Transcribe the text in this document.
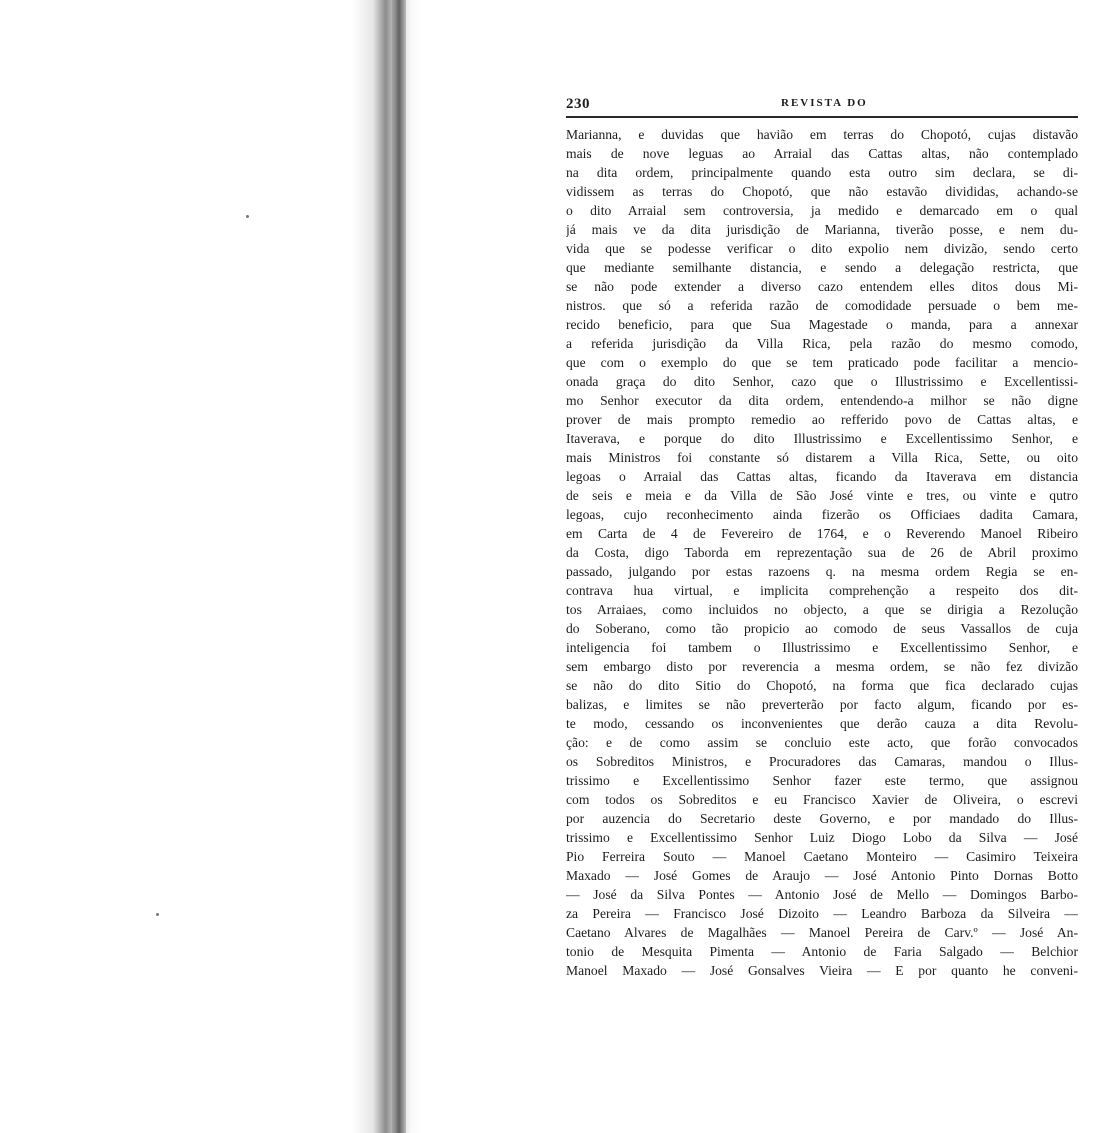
230	REVISTA DO
Marianna, e duvidas que havião em terras do Chopotó, cujas distavão
mais de nove leguas ao Arraial das Cattas altas, não contemplado
na dita ordem, principalmente quando esta outro sim declara, se di-
vidissem as terras do Chopotó, que não estavão divididas, achando-se
o dito Arraial sem controversia, ja medido e demarcado em o qual
já mais ve da dita jurisdição de Marianna, tiverão posse, e nem du-
vida que se podesse verificar o dito expolio nem divizão, sendo certo
que mediante semilhante distancia, e sendo a delegação restricta, que
se não pode extender a diverso cazo entendem elles ditos dous Mi-
nistros. que só a referida razão de comodidade persuade o bem me-
recido beneficio, para que Sua Magestade o manda, para a annexar
a referida jurisdição da Villa Rica, pela razão do mesmo comodo,
que com o exemplo do que se tem praticado pode facilitar a mencio-
onada graça do dito Senhor, cazo que o Illustrissimo e Excellentissi-
mo Senhor executor da dita ordem, entendendo-a milhor se não digne
prover de mais prompto remedio ao refferido povo de Cattas altas, e
Itaverava, e porque do dito Illustrissimo e Excellentissimo Senhor, e
mais Ministros foi constante só distarem a Villa Rica, Sette, ou oito
legoas o Arraial das Cattas altas, ficando da Itaverava em distancia
de seis e meia e da Villa de São José vinte e tres, ou vinte e qutro
legoas, cujo reconhecimento ainda fizerão os Officiaes dadita Camara,
em Carta de 4 de Fevereiro de 1764, e o Reverendo Manoel Ribeiro
da Costa, digo Taborda em reprezentação sua de 26 de Abril proximo
passado, julgando por estas razoens q. na mesma ordem Regia se en-
contrava hua virtual, e implicita comprehenção a respeito dos dit-
tos Arraiaes, como incluidos no objecto, a que se dirigia a Rezolução
do Soberano, como tão propicio ao comodo de seus Vassallos de cuja
inteligencia foi tambem o Illustrissimo e Excellentissimo Senhor, e
sem embargo disto por reverencia a mesma ordem, se não fez divizão
se não do dito Sitio do Chopotó, na forma que fica declarado cujas
balizas, e limites se não preverterão por facto algum, ficando por es-
te modo, cessando os inconvenientes que derão cauza a dita Revolu-
ção: e de como assim se concluio este acto, que forão convocados
os Sobreditos Ministros, e Procuradores das Camaras, mandou o Illus-
trissimo e Excellentissimo Senhor fazer este termo, que assignou
com todos os Sobreditos e eu Francisco Xavier de Oliveira, o escrevi
por auzencia do Secretario deste Governo, e por mandado do Illus-
trissimo e Excellentissimo Senhor Luiz Diogo Lobo da Silva — José
Pio Ferreira Souto — Manoel Caetano Monteiro — Casimiro Teixeira
Maxado — José Gomes de Araujo — José Antonio Pinto Dornas Botto
— José da Silva Pontes — Antonio José de Mello — Domingos Barbo-
za Pereira — Francisco José Dizoito — Leandro Barboza da Silveira —
Caetano Alvares de Magalhães — Manoel Pereira de Carv.º — José An-
tonio de Mesquita Pimenta — Antonio de Faria Salgado — Belchior
Manoel Maxado — José Gonsalves Vieira — E por quanto he conveni-
